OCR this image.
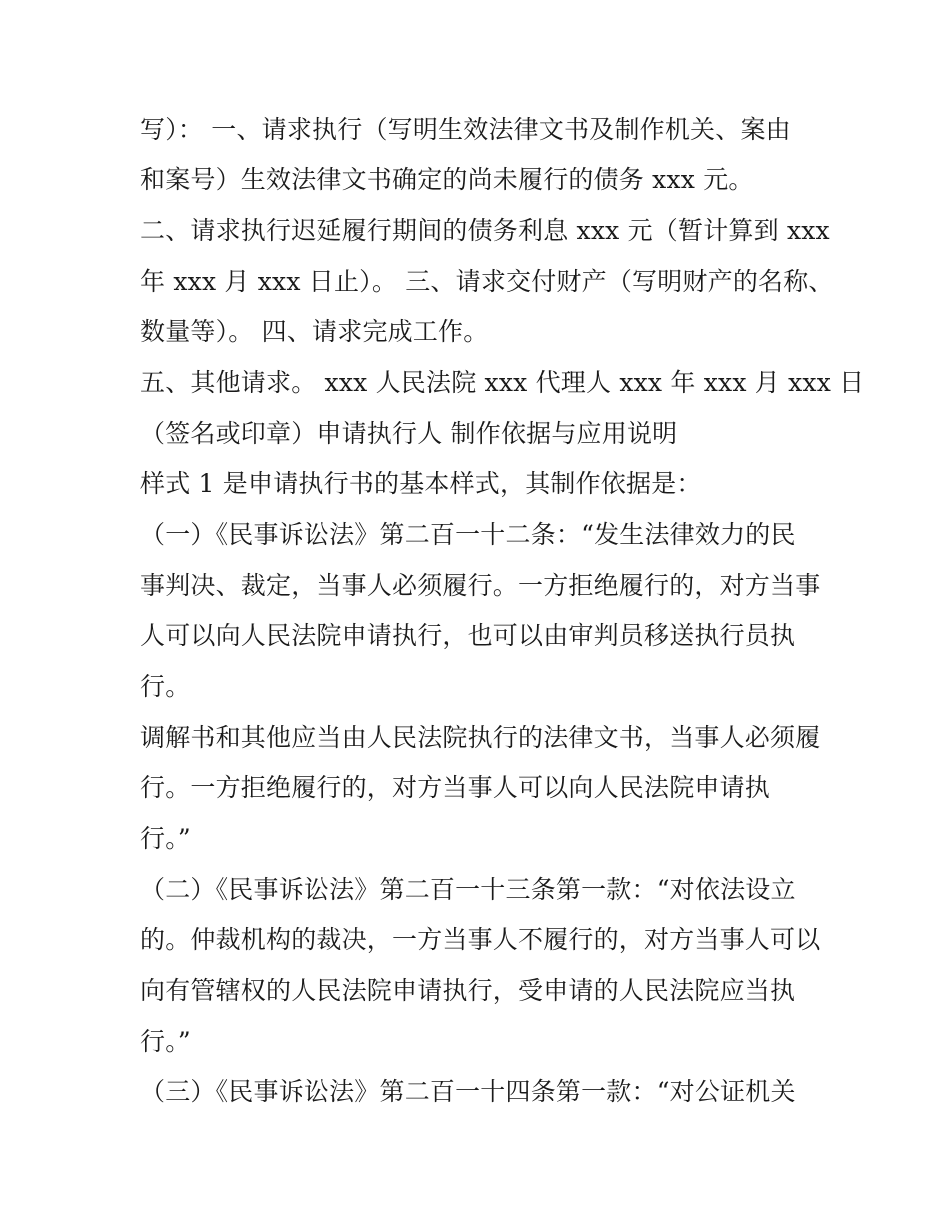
写）： 一、请求执行（写明生效法律文书及制作机关、案由
和案号）生效法律文书确定的尚未履行的债务 xxx 元。
二、请求执行迟延履行期间的债务利息 xxx 元（暂计算到 xxx
年 xxx 月 xxx 日止）。 三、请求交付财产（写明财产的名称、
数量等）。 四、请求完成工作。
五、其他请求。 xxx 人民法院 xxx 代理人 xxx 年 xxx 月 xxx 日
（签名或印章）申请执行人 制作依据与应用说明
样式 1 是申请执行书的基本样式，其制作依据是：
（一）《民事诉讼法》第二百一十二条：“发生法律效力的民
事判决、裁定，当事人必须履行。一方拒绝履行的，对方当事
人可以向人民法院申请执行，也可以由审判员移送执行员执
行。
调解书和其他应当由人民法院执行的法律文书，当事人必须履
行。一方拒绝履行的，对方当事人可以向人民法院申请执
行。”
（二）《民事诉讼法》第二百一十三条第一款：“对依法设立
的。仲裁机构的裁决，一方当事人不履行的，对方当事人可以
向有管辖权的人民法院申请执行，受申请的人民法院应当执
行。”
（三）《民事诉讼法》第二百一十四条第一款：“对公证机关
